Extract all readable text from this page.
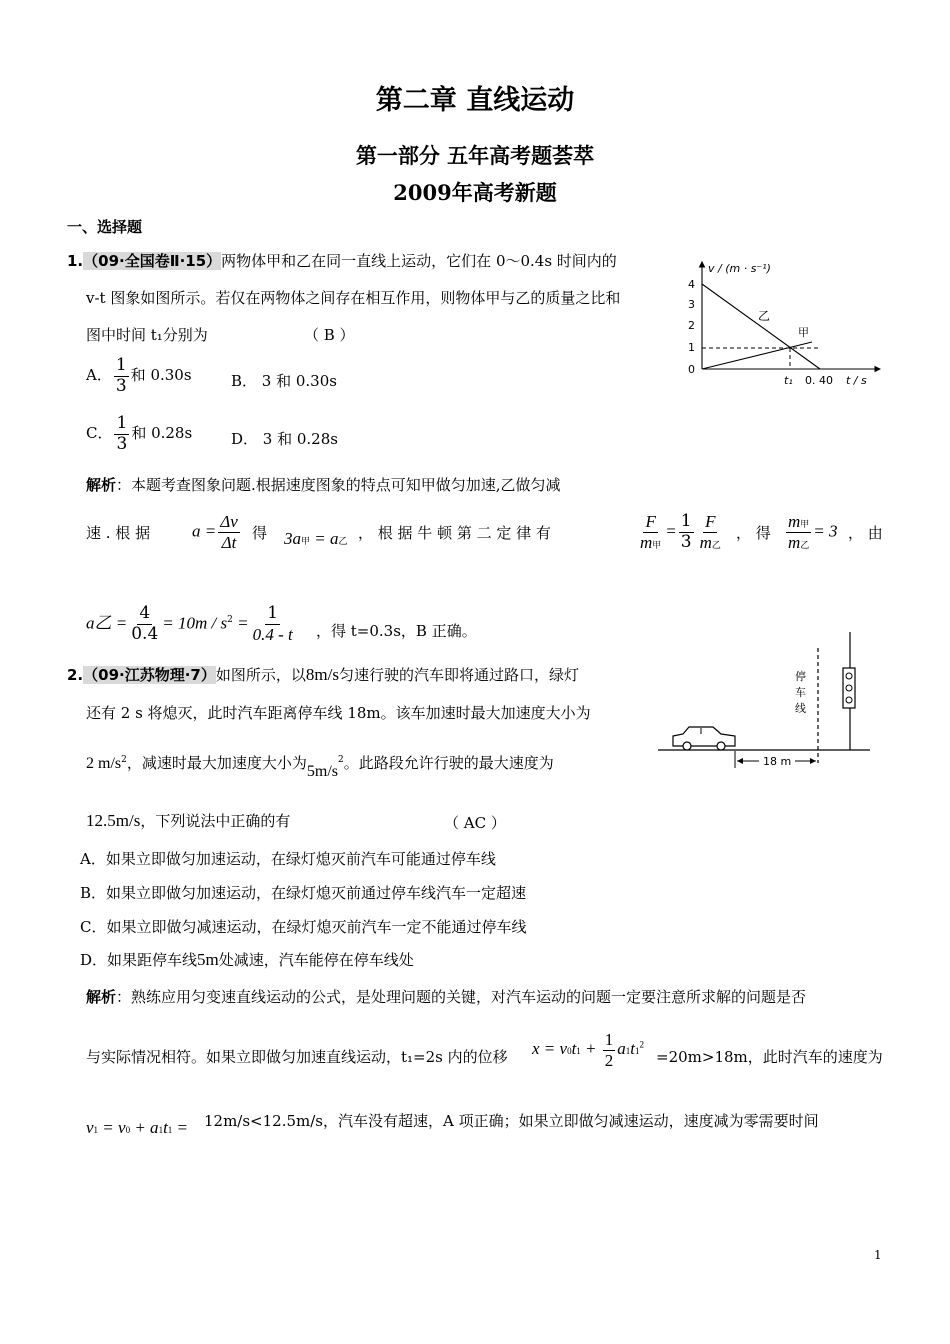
第二章 直线运动
第一部分 五年高考题荟萃
2009年高考新题
一、选择题
1.（09·全国卷Ⅱ·15）两物体甲和乙在同一直线上运动，它们在 0～0.4s 时间内的
v-t 图象如图所示。若仅在两物体之间存在相互作用，则物体甲与乙的质量之比和
图中时间 t₁分别为	（ B ）
A． $\frac{1}{3}$ 和 0.30s	B． 3 和 0.30s
C． $\frac{1}{3}$ 和 0.28s	D． 3 和 0.28s
解析：本题考查图象问题.根据速度图象的特点可知甲做匀加速,乙做匀减
速 . 根 据 $a = \frac{\Delta v}{\Delta t}$ 得 3a甲 = a乙 ， 根 据 牛 顿 第 二 定 律 有	$\frac{F}{\text{m甲}} = \frac{1}{3} \frac{F}{\text{m乙}}$ ， 得 $\frac{\text{m甲}}{\text{m乙}} = 3$ ， 由
a乙 = $\frac{4}{0.4} = 10m / s^2 = \frac{1}{0.4 - t}$ ，得 t=0.3s，B 正确。
v / (m · s⁻¹)
4
3
2
1
0
乙
甲
t₁ 0. 40 t / s
2.（09·江苏物理·7）如图所示，以8m/s匀速行驶的汽车即将通过路口，绿灯
还有 2 s 将熄灭，此时汽车距离停车线 18m。该车加速时最大加速度大小为
2 $m/s^2$，减速时最大加速度大小为$5m/s^2$。此路段允许行驶的最大速度为
12.5m/s，下列说法中正确的有	（ AC ）
A．如果立即做匀加速运动，在绿灯熄灭前汽车可能通过停车线
B．如果立即做匀加速运动，在绿灯熄灭前通过停车线汽车一定超速
C．如果立即做匀减速运动，在绿灯熄灭前汽车一定不能通过停车线
D．如果距停车线5m处减速，汽车能停在停车线处
解析：熟练应用匀变速直线运动的公式，是处理问题的关键，对汽车运动的问题一定要注意所求解的问题是否
与实际情况相符。如果立即做匀加速直线运动，t₁=2s 内的位移 $x = v0t1 + \frac{1}{2} a1t1^2$
=20m>18m，此时汽车的速度为
v1 = v0 + a1t1 = 12m/s<12.5m/s，汽车没有超速，A 项正确；如果立即做匀减速运动，速度减为零需要时间
停
车
线
18 m
1
